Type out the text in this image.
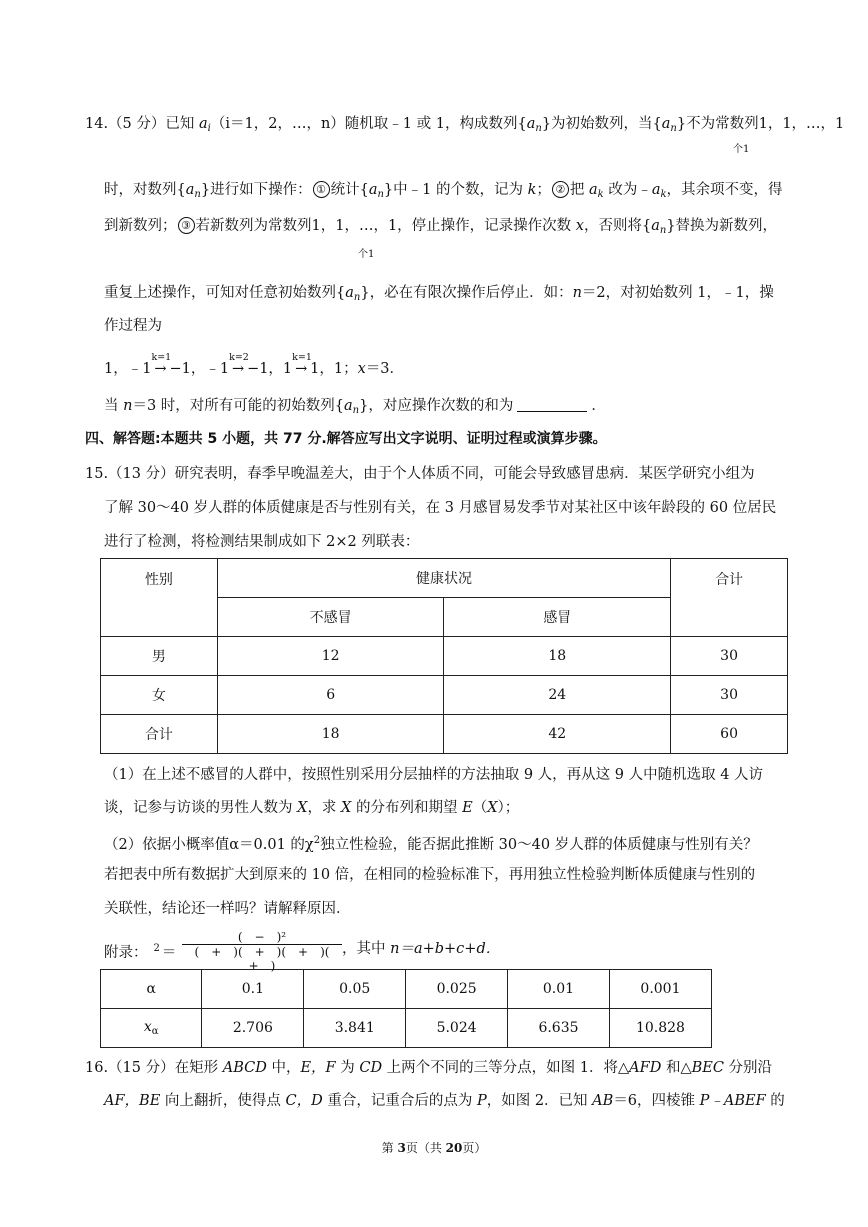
14.（5 分）已知 $a_i(i=1$，2，…，n）随机取﹣1 或 1，构成数列$\{a_n\}$为初始数列，当$\{a_n\}$不为常数列1，1，…，1
个1
时，对数列$\{a_n\}$进行如下操作： ① 统计$\{a_n\}$中﹣1 的个数，记为 k； ② 把 $a_k$ 改为$﹣a_k$，其余项不变，得
到新数列； ③ 若新数列为常数列1，1，…，1，停止操作，记录操作次数 x，否则将$\{a_n\}$替换为新数列，
个1
重复上述操作，可知对任意初始数列$\{a_n\}$，必在有限次操作后停止．如：n＝2，对初始数列 1，﹣1，操
作过程为
1，﹣1
k=1
→ −1，﹣1
k=2
→ −1，1
k=1
→ 1，1；x＝3．
当 n＝3 时，对所有可能的初始数列$\{a_n\}$，对应操作次数的和为	．
四、解答题:本题共 5 小题，共 77 分.解答应写出文字说明、证明过程或演算步骤。
15.（13 分）研究表明，春季早晚温差大，由于个人体质不同，可能会导致感冒患病．某医学研究小组为
了解 30～40 岁人群的体质健康是否与性别有关，在 3 月感冒易发季节对某社区中该年龄段的 60 位居民
进行了检测，将检测结果制成如下 2×2 列联表：
性别	健康状况		合计
	不感冒	感冒	
男	12	18	30
女	6	24	30
合计	18	42	60
（1）在上述不感冒的人群中，按照性别采用分层抽样的方法抽取 9 人，再从这 9 人中随机选取 4 人访
谈，记参与访谈的男性人数为 X，求 X 的分布列和期望 E（X）；
（2）依据小概率值α＝0.01 的$\chi^2$独立性检验，能否据此推断 30～40 岁人群的体质健康与性别有关？
若把表中所有数据扩大到原来的 10 倍，在相同的检验标准下，再用独立性检验判断体质健康与性别的
关联性，结论还一样吗？请解释原因．
附录： $^2$ ＝
(　−　)²
(　+　)(　+　)(　+　)(　+　)
，其中 n＝a+b+c+d．
α	0.1	0.05	0.025	0.01	0.001
$x_\alpha$	2.706	3.841	5.024	6.635	10.828
16.（15 分）在矩形 ABCD 中，E，F 为 CD 上两个不同的三等分点，如图 1．将△AFD 和△BEC 分别沿
AF，BE 向上翻折，使得点 C，D 重合，记重合后的点为 P，如图 2．已知 AB＝6，四棱锥 P﹣ABEF 的
第 3页（共 20页）
